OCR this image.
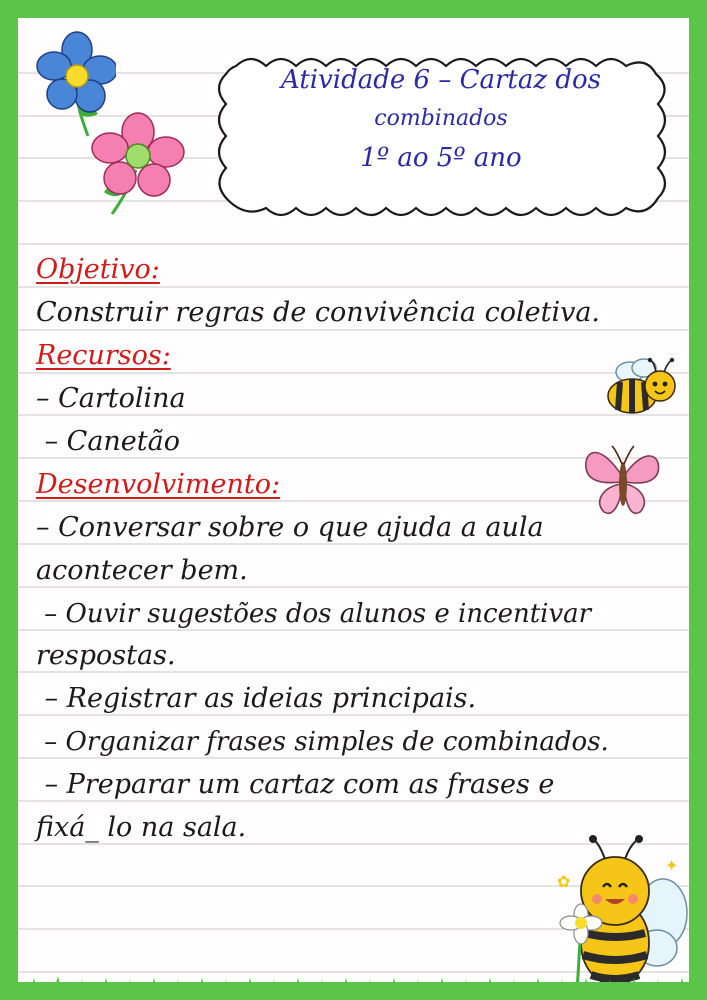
Atividade 6 – Cartaz dos
combinados
1º ao 5º ano
Objetivo:
Construir regras de convivência coletiva.
Recursos:
– Cartolina
– Canetão
Desenvolvimento:
– Conversar sobre o que ajuda a aula
acontecer bem.
– Ouvir sugestões dos alunos e incentivar
respostas.
– Registrar as ideias principais.
– Organizar frases simples de combinados.
– Preparar um cartaz com as frases e
fixá_ lo na sala.
✿
✦
